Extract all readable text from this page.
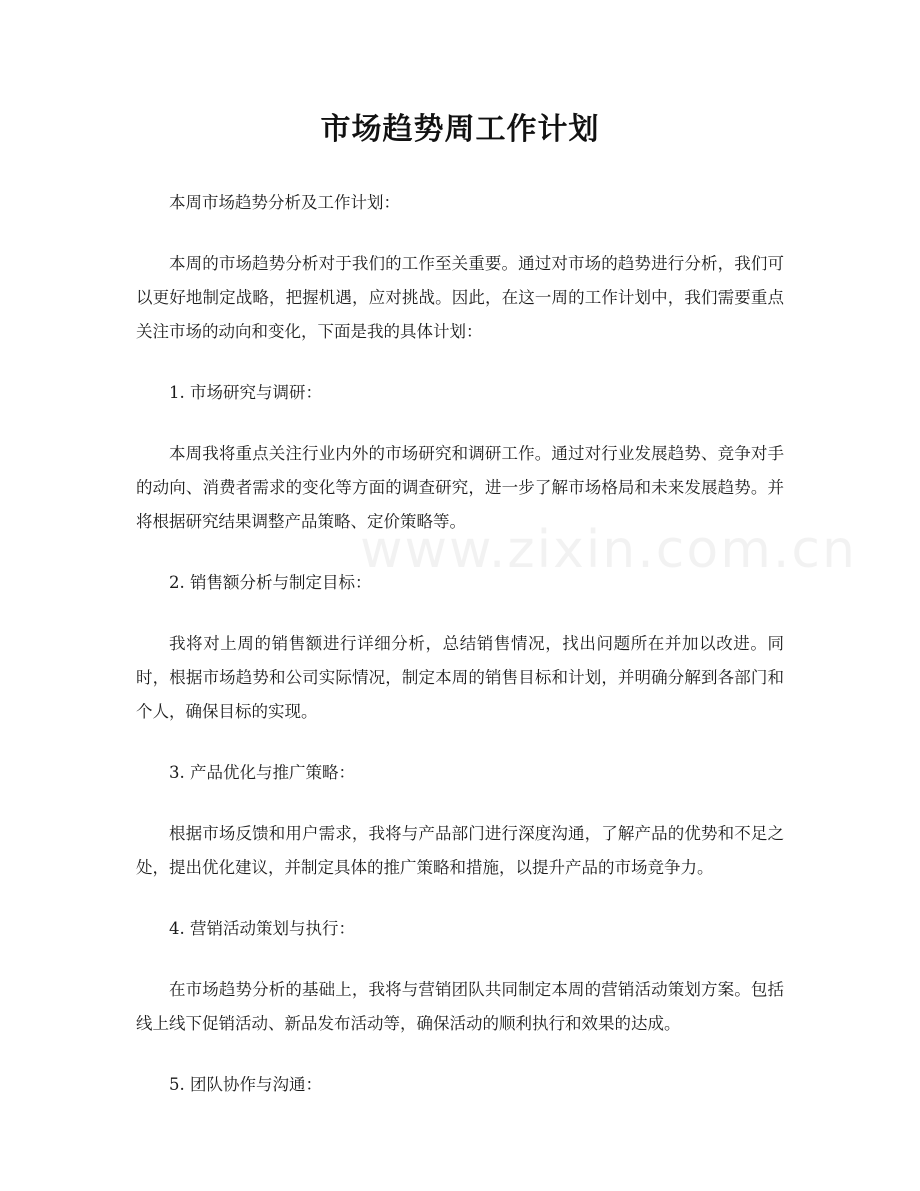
www.zixin.com.cn
市场趋势周工作计划

本周市场趋势分析及工作计划：

本周的市场趋势分析对于我们的工作至关重要。通过对市场的趋势进行分析，我们可以更好地制定战略，把握机遇，应对挑战。因此，在这一周的工作计划中，我们需要重点关注市场的动向和变化，下面是我的具体计划：

1. 市场研究与调研：

本周我将重点关注行业内外的市场研究和调研工作。通过对行业发展趋势、竞争对手的动向、消费者需求的变化等方面的调查研究，进一步了解市场格局和未来发展趋势。并将根据研究结果调整产品策略、定价策略等。

2. 销售额分析与制定目标：

我将对上周的销售额进行详细分析，总结销售情况，找出问题所在并加以改进。同时，根据市场趋势和公司实际情况，制定本周的销售目标和计划，并明确分解到各部门和个人，确保目标的实现。

3. 产品优化与推广策略：

根据市场反馈和用户需求，我将与产品部门进行深度沟通，了解产品的优势和不足之处，提出优化建议，并制定具体的推广策略和措施，以提升产品的市场竞争力。

4. 营销活动策划与执行：

在市场趋势分析的基础上，我将与营销团队共同制定本周的营销活动策划方案。包括线上线下促销活动、新品发布活动等，确保活动的顺利执行和效果的达成。

5. 团队协作与沟通：
